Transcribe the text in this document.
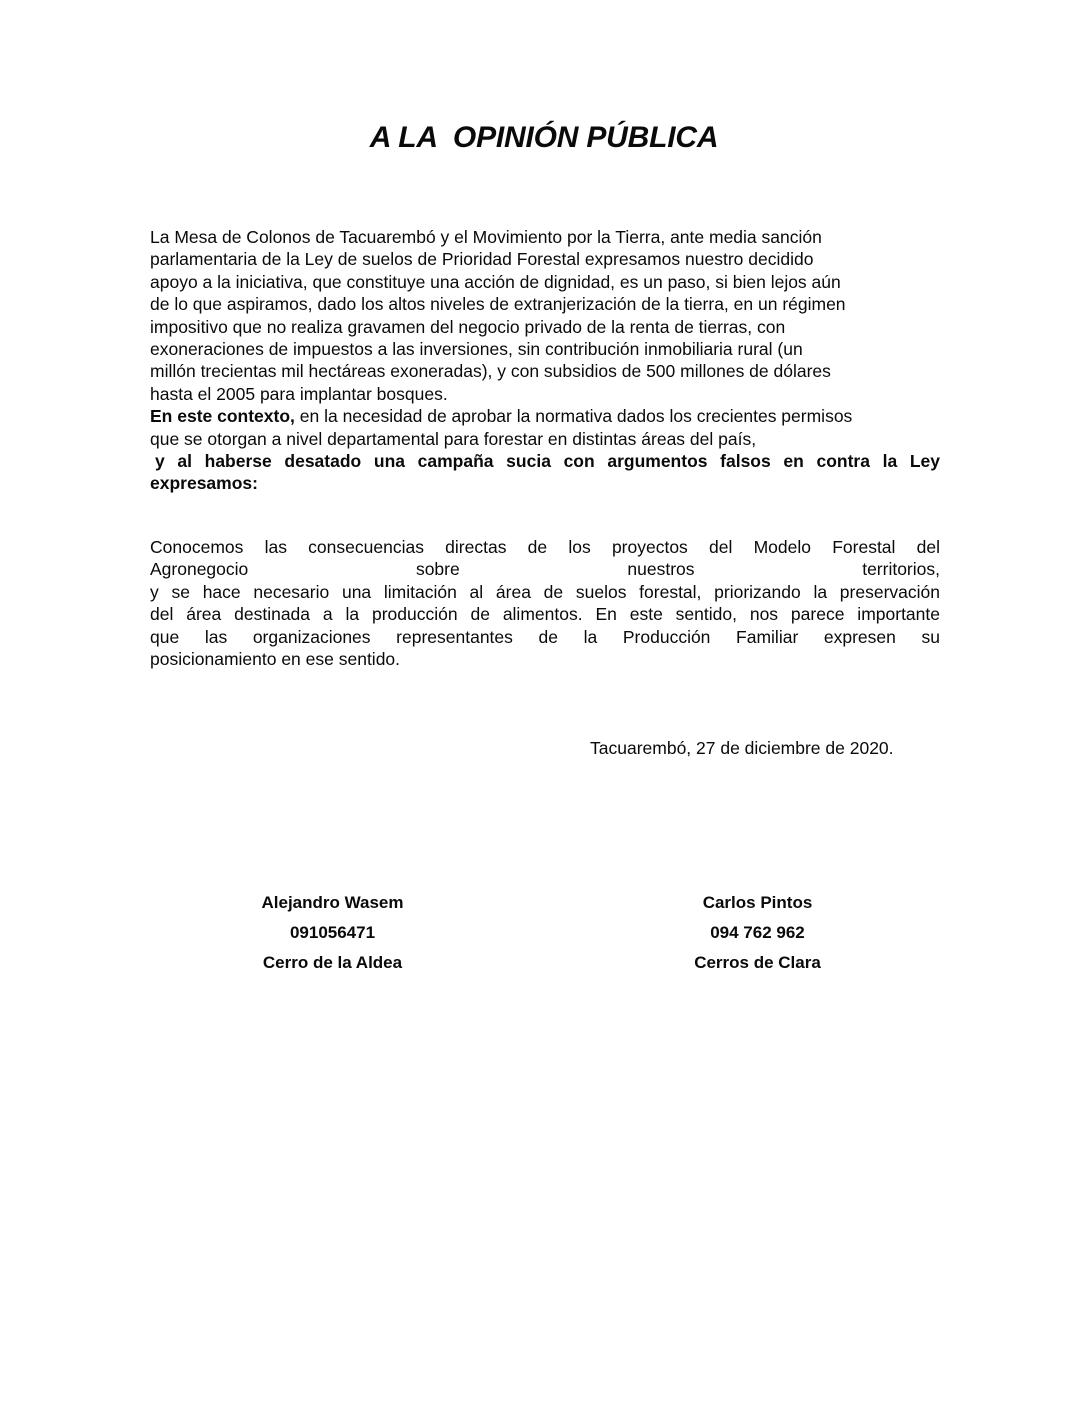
A LA  OPINIÓN PÚBLICA
La Mesa de Colonos de Tacuarembó y el Movimiento por la Tierra, ante media sanción
parlamentaria de la Ley de suelos de Prioridad Forestal expresamos nuestro decidido
apoyo a la iniciativa, que constituye una acción de dignidad, es un paso, si bien lejos aún
de lo que aspiramos, dado los altos niveles de extranjerización de la tierra, en un régimen
impositivo que no realiza gravamen del negocio privado de la renta de tierras, con
exoneraciones de impuestos a las inversiones, sin contribución inmobiliaria rural (un
millón trecientas mil hectáreas exoneradas), y con subsidios de 500 millones de dólares
hasta el 2005 para implantar bosques.
En este contexto, en la necesidad de aprobar la normativa dados los crecientes permisos
que se otorgan a nivel departamental para forestar en distintas áreas del país,
y al haberse desatado una campaña sucia con argumentos falsos en contra la Ley
expresamos:
Conocemos las consecuencias directas de los proyectos del Modelo Forestal del
Agronegocio sobre nuestros territorios,
y se hace necesario una limitación al área de suelos forestal, priorizando la preservación
del área destinada a la producción de alimentos. En este sentido, nos parece importante
que las organizaciones representantes de la Producción Familiar expresen su
posicionamiento en ese sentido.
Tacuarembó, 27 de diciembre de 2020.
Alejandro Wasem
091056471
Cerro de la Aldea
Carlos Pintos
094 762 962
Cerros de Clara
